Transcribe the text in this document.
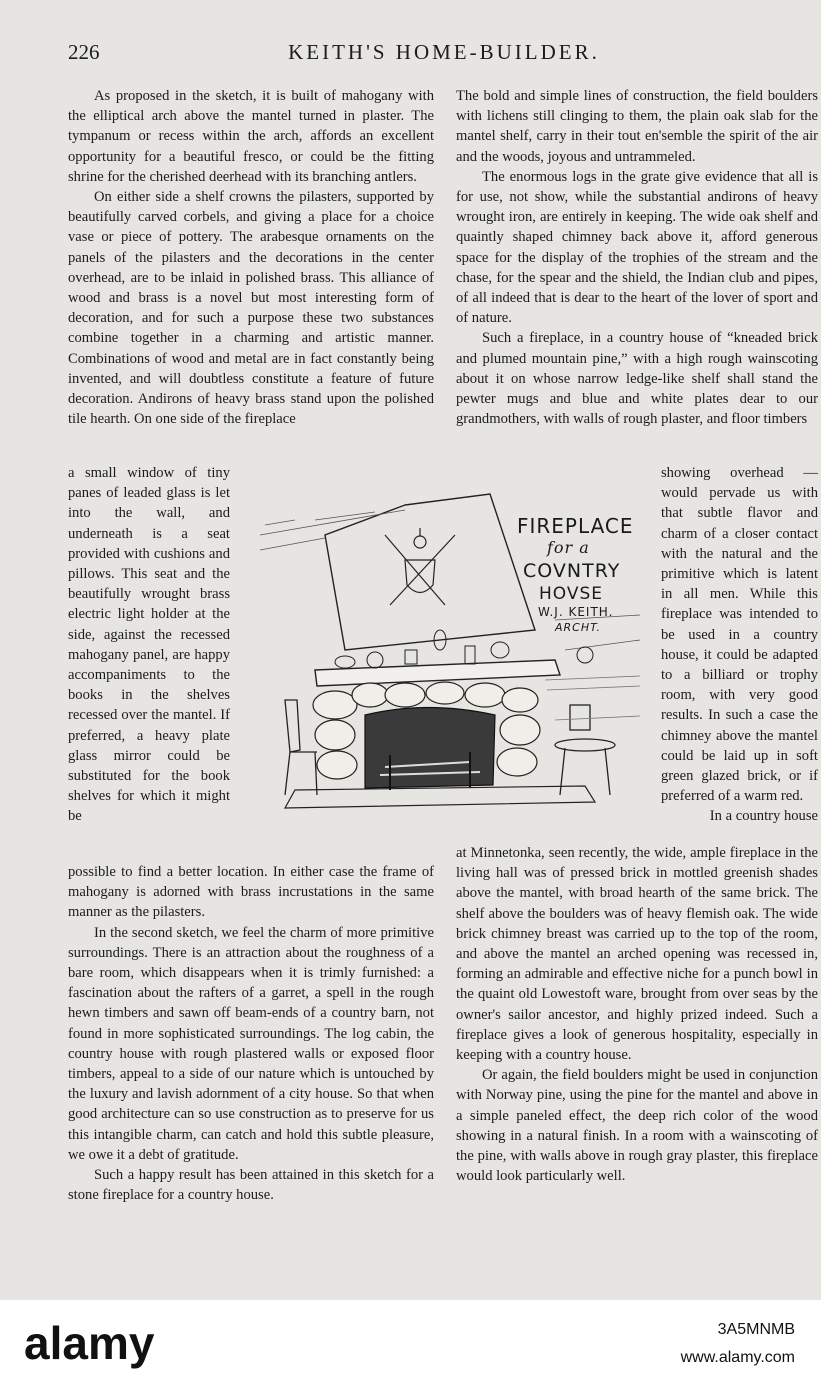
226	KEITH'S HOME-BUILDER.

As proposed in the sketch, it is built of mahogany with the elliptical arch above the mantel turned in plaster. The tympanum or recess within the arch, affords an excellent opportunity for a beautiful fresco, or could be the fitting shrine for the cherished deerhead with its branching antlers.

On either side a shelf crowns the pilasters, supported by beautifully carved corbels, and giving a place for a choice vase or piece of pottery. The arabesque ornaments on the panels of the pilasters and the decorations in the center overhead, are to be inlaid in polished brass. This alliance of wood and brass is a novel but most interesting form of decoration, and for such a purpose these two substances combine together in a charming and artistic manner. Combinations of wood and metal are in fact constantly being invented, and will doubtless constitute a feature of future decoration. Andirons of heavy brass stand upon the polished tile hearth. On one side of the fireplace

a small window of tiny panes of leaded glass is let into the wall, and underneath is a seat provided with cushions and pillows. This seat and the beautifully wrought brass electric light holder at the side, against the recessed mahogany panel, are happy accompaniments to the books in the shelves recessed over the mantel. If preferred, a heavy plate glass mirror could be substituted for the book shelves for which it might be

FIREPLACE
for a
COVNTRY
HOVSE
W.J. KEITH.
ARCHT.

possible to find a better location. In either case the frame of mahogany is adorned with brass incrustations in the same manner as the pilasters.

In the second sketch, we feel the charm of more primitive surroundings. There is an attraction about the roughness of a bare room, which disappears when it is trimly furnished: a fascination about the rafters of a garret, a spell in the rough hewn timbers and sawn off beam-ends of a country barn, not found in more sophisticated surroundings. The log cabin, the country house with rough plastered walls or exposed floor timbers, appeal to a side of our nature which is untouched by the luxury and lavish adornment of a city house. So that when good architecture can so use construction as to preserve for us this intangible charm, can catch and hold this subtle pleasure, we owe it a debt of gratitude.

Such a happy result has been attained in this sketch for a stone fireplace for a country house.

The bold and simple lines of construction, the field boulders with lichens still clinging to them, the plain oak slab for the mantel shelf, carry in their tout en'semble the spirit of the air and the woods, joyous and untrammeled.

The enormous logs in the grate give evidence that all is for use, not show, while the substantial andirons of heavy wrought iron, are entirely in keeping. The wide oak shelf and quaintly shaped chimney back above it, afford generous space for the display of the trophies of the stream and the chase, for the spear and the shield, the Indian club and pipes, of all indeed that is dear to the heart of the lover of sport and of nature.

Such a fireplace, in a country house of “kneaded brick and plumed mountain pine,” with a high rough wainscoting about it on whose narrow ledge-like shelf shall stand the pewter mugs and blue and white plates dear to our grandmothers, with walls of rough plaster, and floor timbers

showing overhead — would pervade us with that subtle flavor and charm of a closer contact with the natural and the primitive which is latent in all men. While this fireplace was intended to be used in a country house, it could be adapted to a billiard or trophy room, with very good results. In such a case the chimney above the mantel could be laid up in soft green glazed brick, or if preferred of a warm red.

In a country house

at Minnetonka, seen recently, the wide, ample fireplace in the living hall was of pressed brick in mottled greenish shades above the mantel, with broad hearth of the same brick. The shelf above the boulders was of heavy flemish oak. The wide brick chimney breast was carried up to the top of the room, and above the mantel an arched opening was recessed in, forming an admirable and effective niche for a punch bowl in the quaint old Lowestoft ware, brought from over seas by the owner's sailor ancestor, and highly prized indeed. Such a fireplace gives a look of generous hospitality, especially in keeping with a country house.

Or again, the field boulders might be used in conjunction with Norway pine, using the pine for the mantel and above in a simple paneled effect, the deep rich color of the wood showing in a natural finish. In a room with a wainscoting of the pine, with walls above in rough gray plaster, this fireplace would look particularly well.

alamy	3A5MNMB
www.alamy.com
